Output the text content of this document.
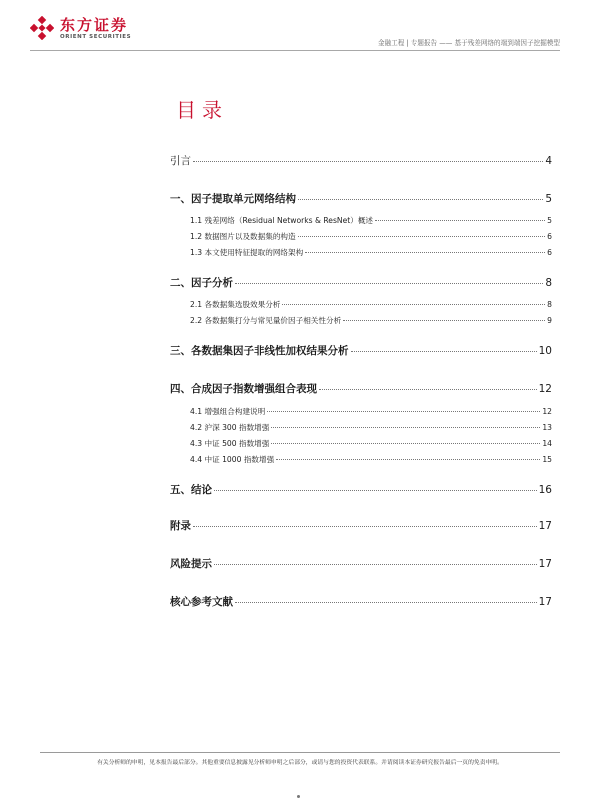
东方证券
ORIENT SECURITIES
金融工程 | 专题报告 —— 基于残差网络的端到端因子挖掘模型
目录
引言	4
一、因子提取单元网络结构	5
1.1 残差网络（Residual Networks & ResNet）概述	5
1.2 数据图片以及数据集的构造	6
1.3 本文使用特征提取的网络架构	6
二、因子分析	8
2.1 各数据集选股效果分析	8
2.2 各数据集打分与常见量价因子相关性分析	9
三、各数据集因子非线性加权结果分析	10
四、合成因子指数增强组合表现	12
4.1 增强组合构建说明	12
4.2 沪深 300 指数增强	13
4.3 中证 500 指数增强	14
4.4 中证 1000 指数增强	15
五、结论	16
附录	17
风险提示	17
核心参考文献	17
有关分析师的申明，见本报告最后部分。其他重要信息披露见分析师申明之后部分，或请与您的投资代表联系。并请阅读本证券研究报告最后一页的免责申明。
